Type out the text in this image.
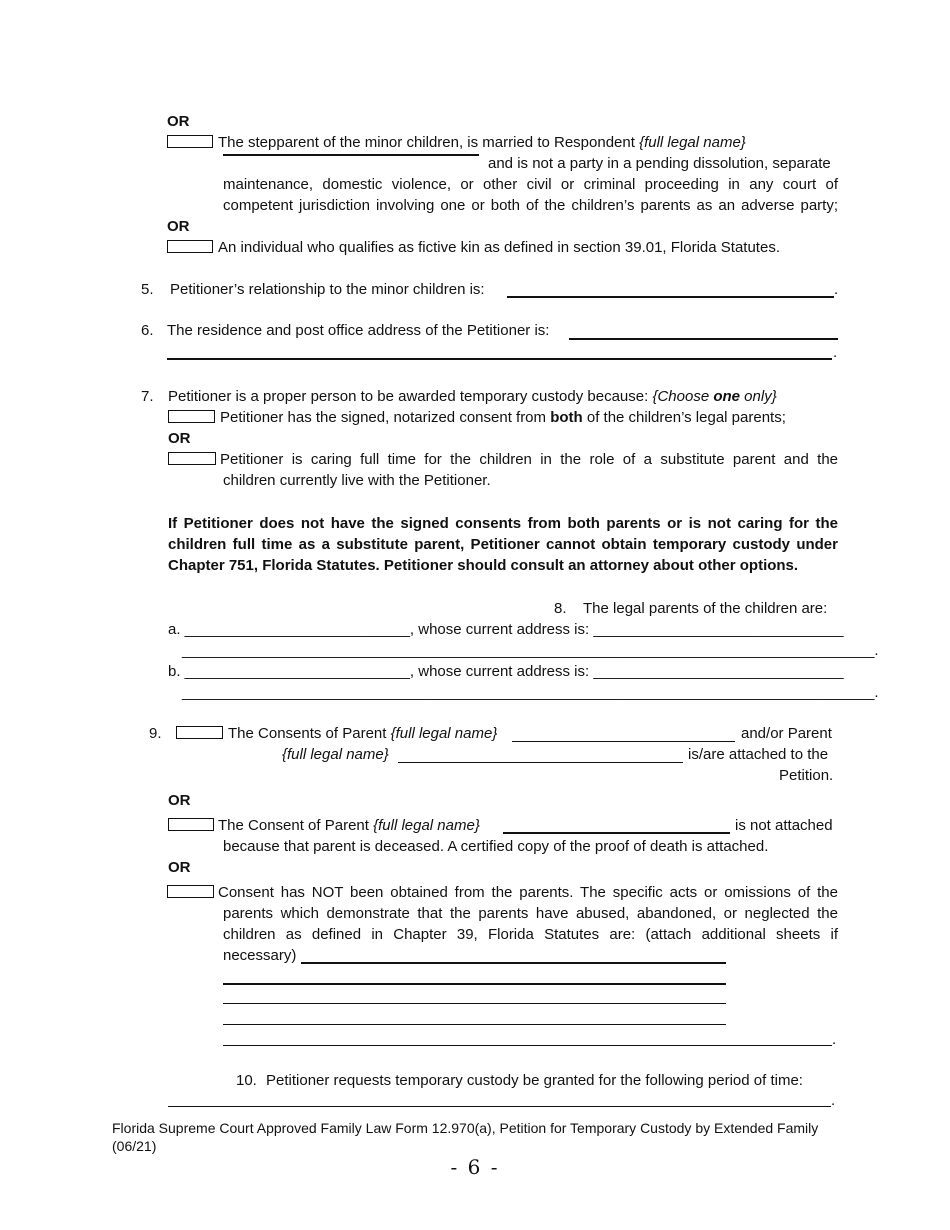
OR
The stepparent of the minor children, is married to Respondent {full legal name}
and is not a party in a pending dissolution, separate
maintenance, domestic violence, or other civil or criminal proceeding in any court of
competent jurisdiction involving one or both of the children’s parents as an adverse party;
OR
An individual who qualifies as fictive kin as defined in section 39.01, Florida Statutes.
5. Petitioner’s relationship to the minor children is:	.
6. The residence and post office address of the Petitioner is:
.
7. Petitioner is a proper person to be awarded temporary custody because: {Choose one only}
Petitioner has the signed, notarized consent from both of the children’s legal parents;
OR
Petitioner is caring full time for the children in the role of a substitute parent and the
children currently live with the Petitioner.
If Petitioner does not have the signed consents from both parents or is not caring for the
children full time as a substitute parent, Petitioner cannot obtain temporary custody under
Chapter 751, Florida Statutes. Petitioner should consult an attorney about other options.
8. The legal parents of the children are:
a. ___________________________, whose current address is: ______________________________
___________________________________________________________________________________.
b. ___________________________, whose current address is: ______________________________
___________________________________________________________________________________.
9.	The Consents of Parent {full legal name}	and/or Parent
{full legal name}	is/are attached to the
Petition.
OR
The Consent of Parent {full legal name}	is not attached
because that parent is deceased. A certified copy of the proof of death is attached.
OR
Consent has NOT been obtained from the parents. The specific acts or omissions of the
parents which demonstrate that the parents have abused, abandoned, or neglected the
children as defined in Chapter 39, Florida Statutes are: (attach additional sheets if
necessary)
.
10. Petitioner requests temporary custody be granted for the following period of time:
.
Florida Supreme Court Approved Family Law Form 12.970(a), Petition for Temporary Custody by Extended Family
(06/21)
- 6 -
